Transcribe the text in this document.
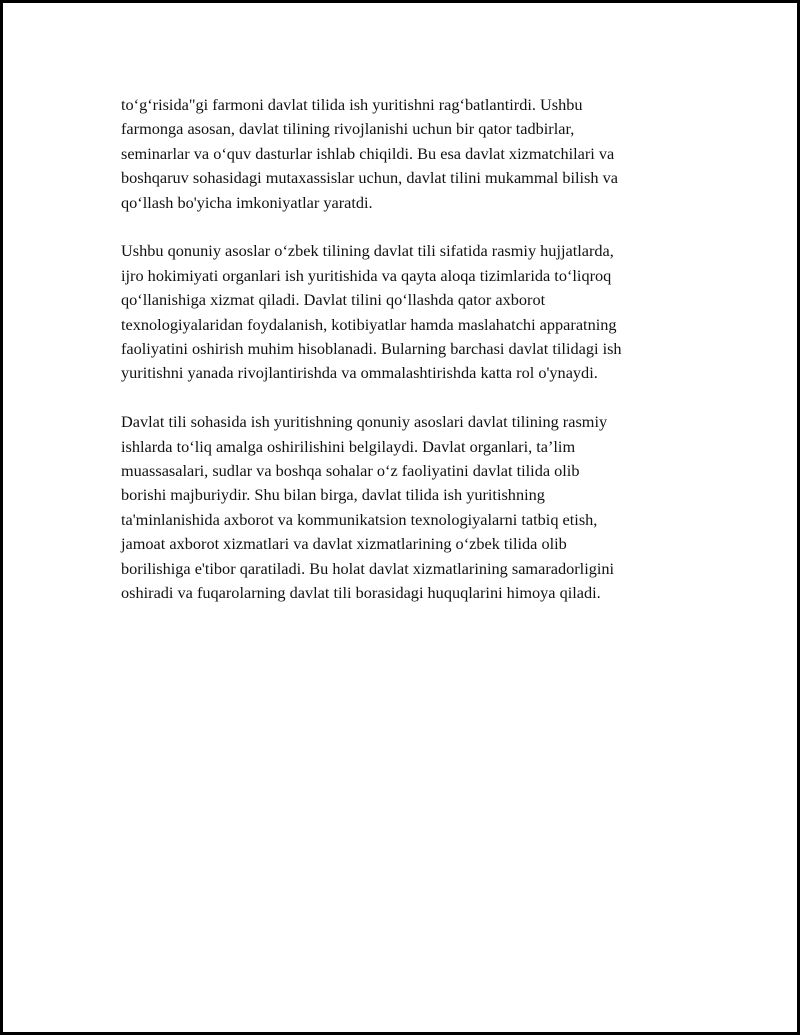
to‘g‘risida"gi farmoni davlat tilida ish yuritishni rag‘batlantirdi. Ushbu
farmonga asosan, davlat tilining rivojlanishi uchun bir qator tadbirlar,
seminarlar va o‘quv dasturlar ishlab chiqildi. Bu esa davlat xizmatchilari va
boshqaruv sohasidagi mutaxassislar uchun, davlat tilini mukammal bilish va
qo‘llash bo'yicha imkoniyatlar yaratdi.

Ushbu qonuniy asoslar o‘zbek tilining davlat tili sifatida rasmiy hujjatlarda,
ijro hokimiyati organlari ish yuritishida va qayta aloqa tizimlarida to‘liqroq
qo‘llanishiga xizmat qiladi. Davlat tilini qo‘llashda qator axborot
texnologiyalaridan foydalanish, kotibiyatlar hamda maslahatchi apparatning
faoliyatini oshirish muhim hisoblanadi. Bularning barchasi davlat tilidagi ish
yuritishni yanada rivojlantirishda va ommalashtirishda katta rol o'ynaydi.

Davlat tili sohasida ish yuritishning qonuniy asoslari davlat tilining rasmiy
ishlarda to‘liq amalga oshirilishini belgilaydi. Davlat organlari, ta’lim
muassasalari, sudlar va boshqa sohalar o‘z faoliyatini davlat tilida olib
borishi majburiydir. Shu bilan birga, davlat tilida ish yuritishning
ta'minlanishida axborot va kommunikatsion texnologiyalarni tatbiq etish,
jamoat axborot xizmatlari va davlat xizmatlarining o‘zbek tilida olib
borilishiga e'tibor qaratiladi. Bu holat davlat xizmatlarining samaradorligini
oshiradi va fuqarolarning davlat tili borasidagi huquqlarini himoya qiladi.
